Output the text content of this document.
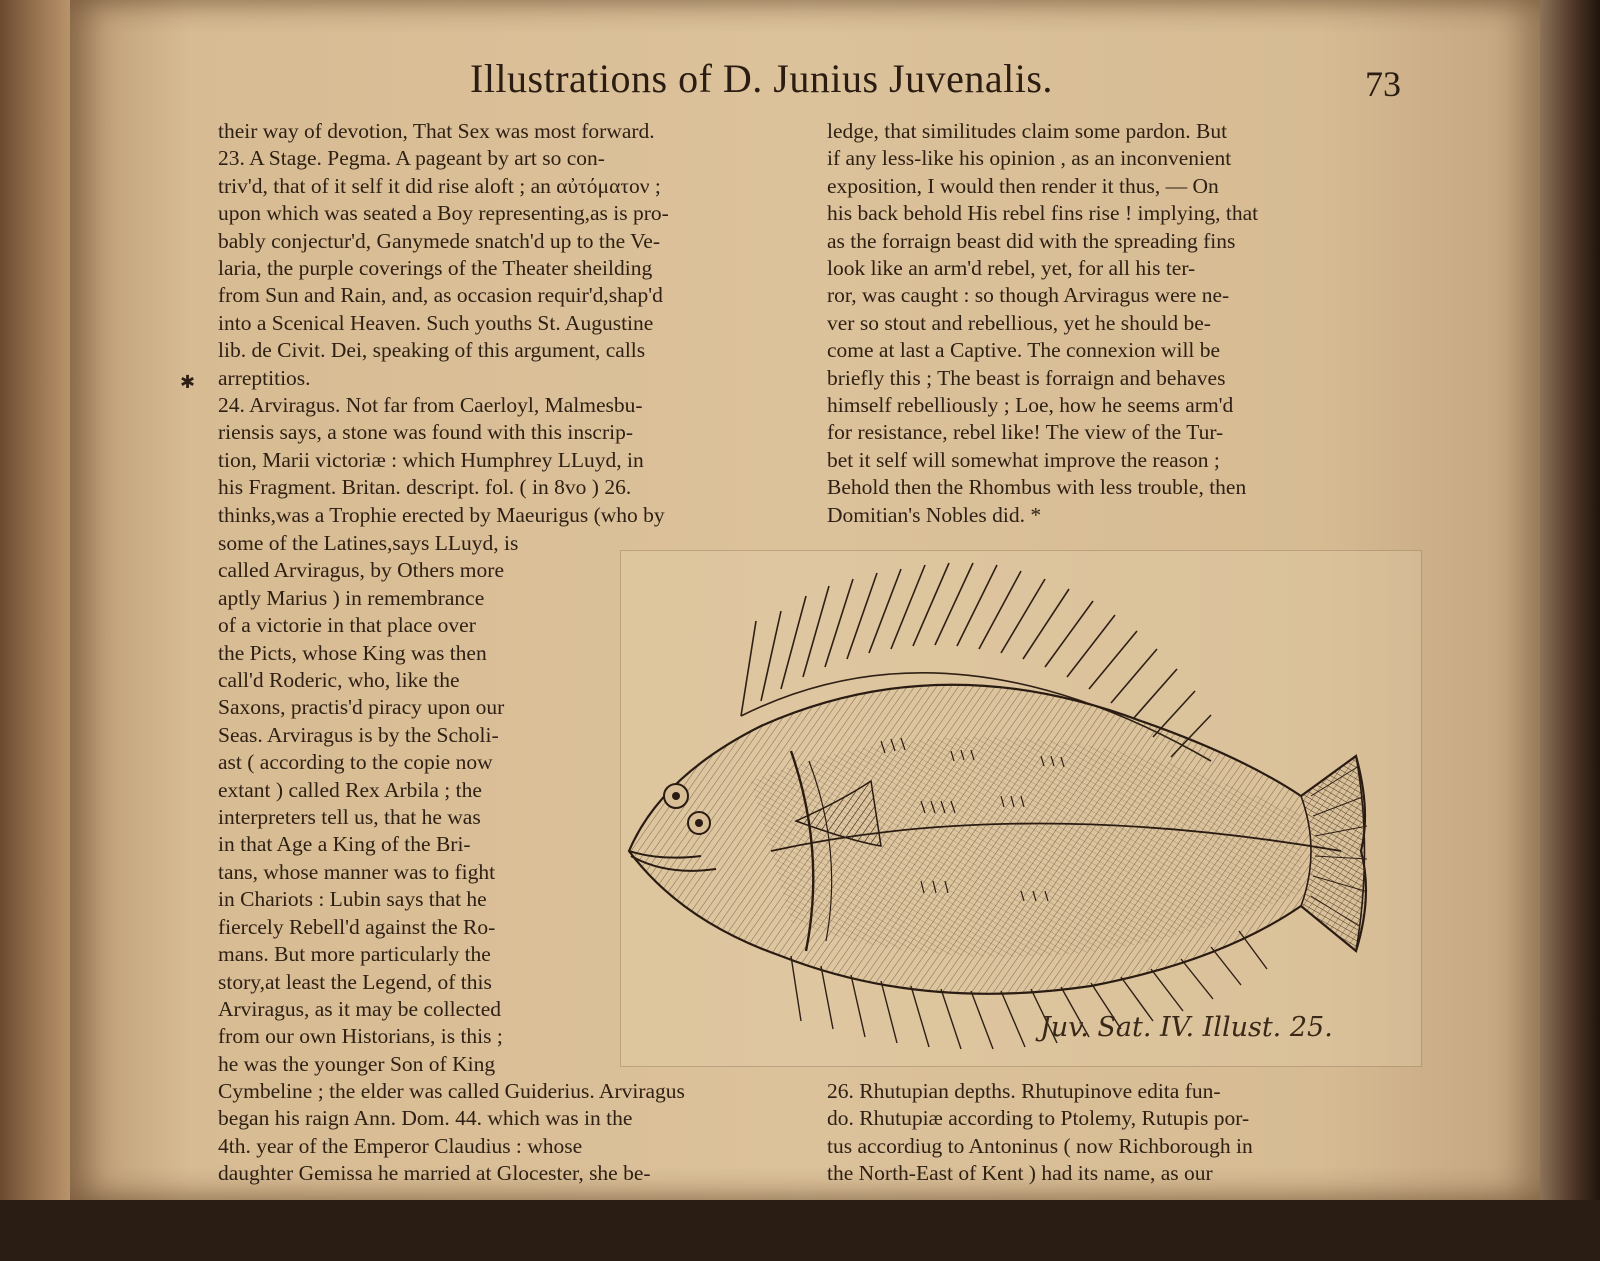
Illustrations of D. Junius Juvenalis.	73
✱
their way of devotion, That Sex was most forward.
23. A Stage. Pegma. A pageant by art so con-
triv'd, that of it self it did rise aloft ; an αὐτόματον ;
upon which was seated a Boy representing,as is pro-
bably conjectur'd, Ganymede snatch'd up to the Ve-
laria, the purple coverings of the Theater sheilding
from Sun and Rain, and, as occasion requir'd,shap'd
into a Scenical Heaven. Such youths St. Augustine
lib. de Civit. Dei, speaking of this argument, calls
arreptitios.
24. Arviragus. Not far from Caerloyl, Malmesbu-
riensis says, a stone was found with this inscrip-
tion, Marii victoriæ : which Humphrey LLuyd, in
his Fragment. Britan. descript. fol. ( in 8vo ) 26.
thinks,was a Trophie erected by Maeurigus (who by
some of the Latines,says LLuyd, is
called Arviragus, by Others more
aptly Marius ) in remembrance
of a victorie in that place over
the Picts, whose King was then
call'd Roderic, who, like the
Saxons, practis'd piracy upon our
Seas. Arviragus is by the Scholi-
ast ( according to the copie now
extant ) called Rex Arbila ; the
interpreters tell us, that he was
in that Age a King of the Bri-
tans, whose manner was to fight
in Chariots : Lubin says that he
fiercely Rebell'd against the Ro-
mans. But more particularly the
story,at least the Legend, of this
Arviragus, as it may be collected
from our own Historians, is this ;
he was the younger Son of King
Cymbeline ; the elder was called Guiderius. Arviragus
began his raign Ann. Dom. 44. which was in the
4th. year of the Emperor Claudius : whose
daughter Gemissa he married at Glocester, she be-
ledge, that similitudes claim some pardon. But
if any less-like his opinion , as an inconvenient
exposition, I would then render it thus, — On
his back behold His rebel fins rise ! implying, that
as the forraign beast did with the spreading fins
look like an arm'd rebel, yet, for all his ter-
ror, was caught : so though Arviragus were ne-
ver so stout and rebellious, yet he should be-
come at last a Captive. The connexion will be
briefly this ; The beast is forraign and behaves
himself rebelliously ; Loe, how he seems arm'd
for resistance, rebel like! The view of the Tur-
bet it self will somewhat improve the reason ;
Behold then the Rhombus with less trouble, then
Domitian's Nobles did. *
26. Rhutupian depths. Rhutupinove edita fun-
do. Rhutupiæ according to Ptolemy, Rutupis por-
tus accordiug to Antoninus ( now Richborough in
the North-East of Kent ) had its name, as our
Juv. Sat. IV. Illust. 25.
